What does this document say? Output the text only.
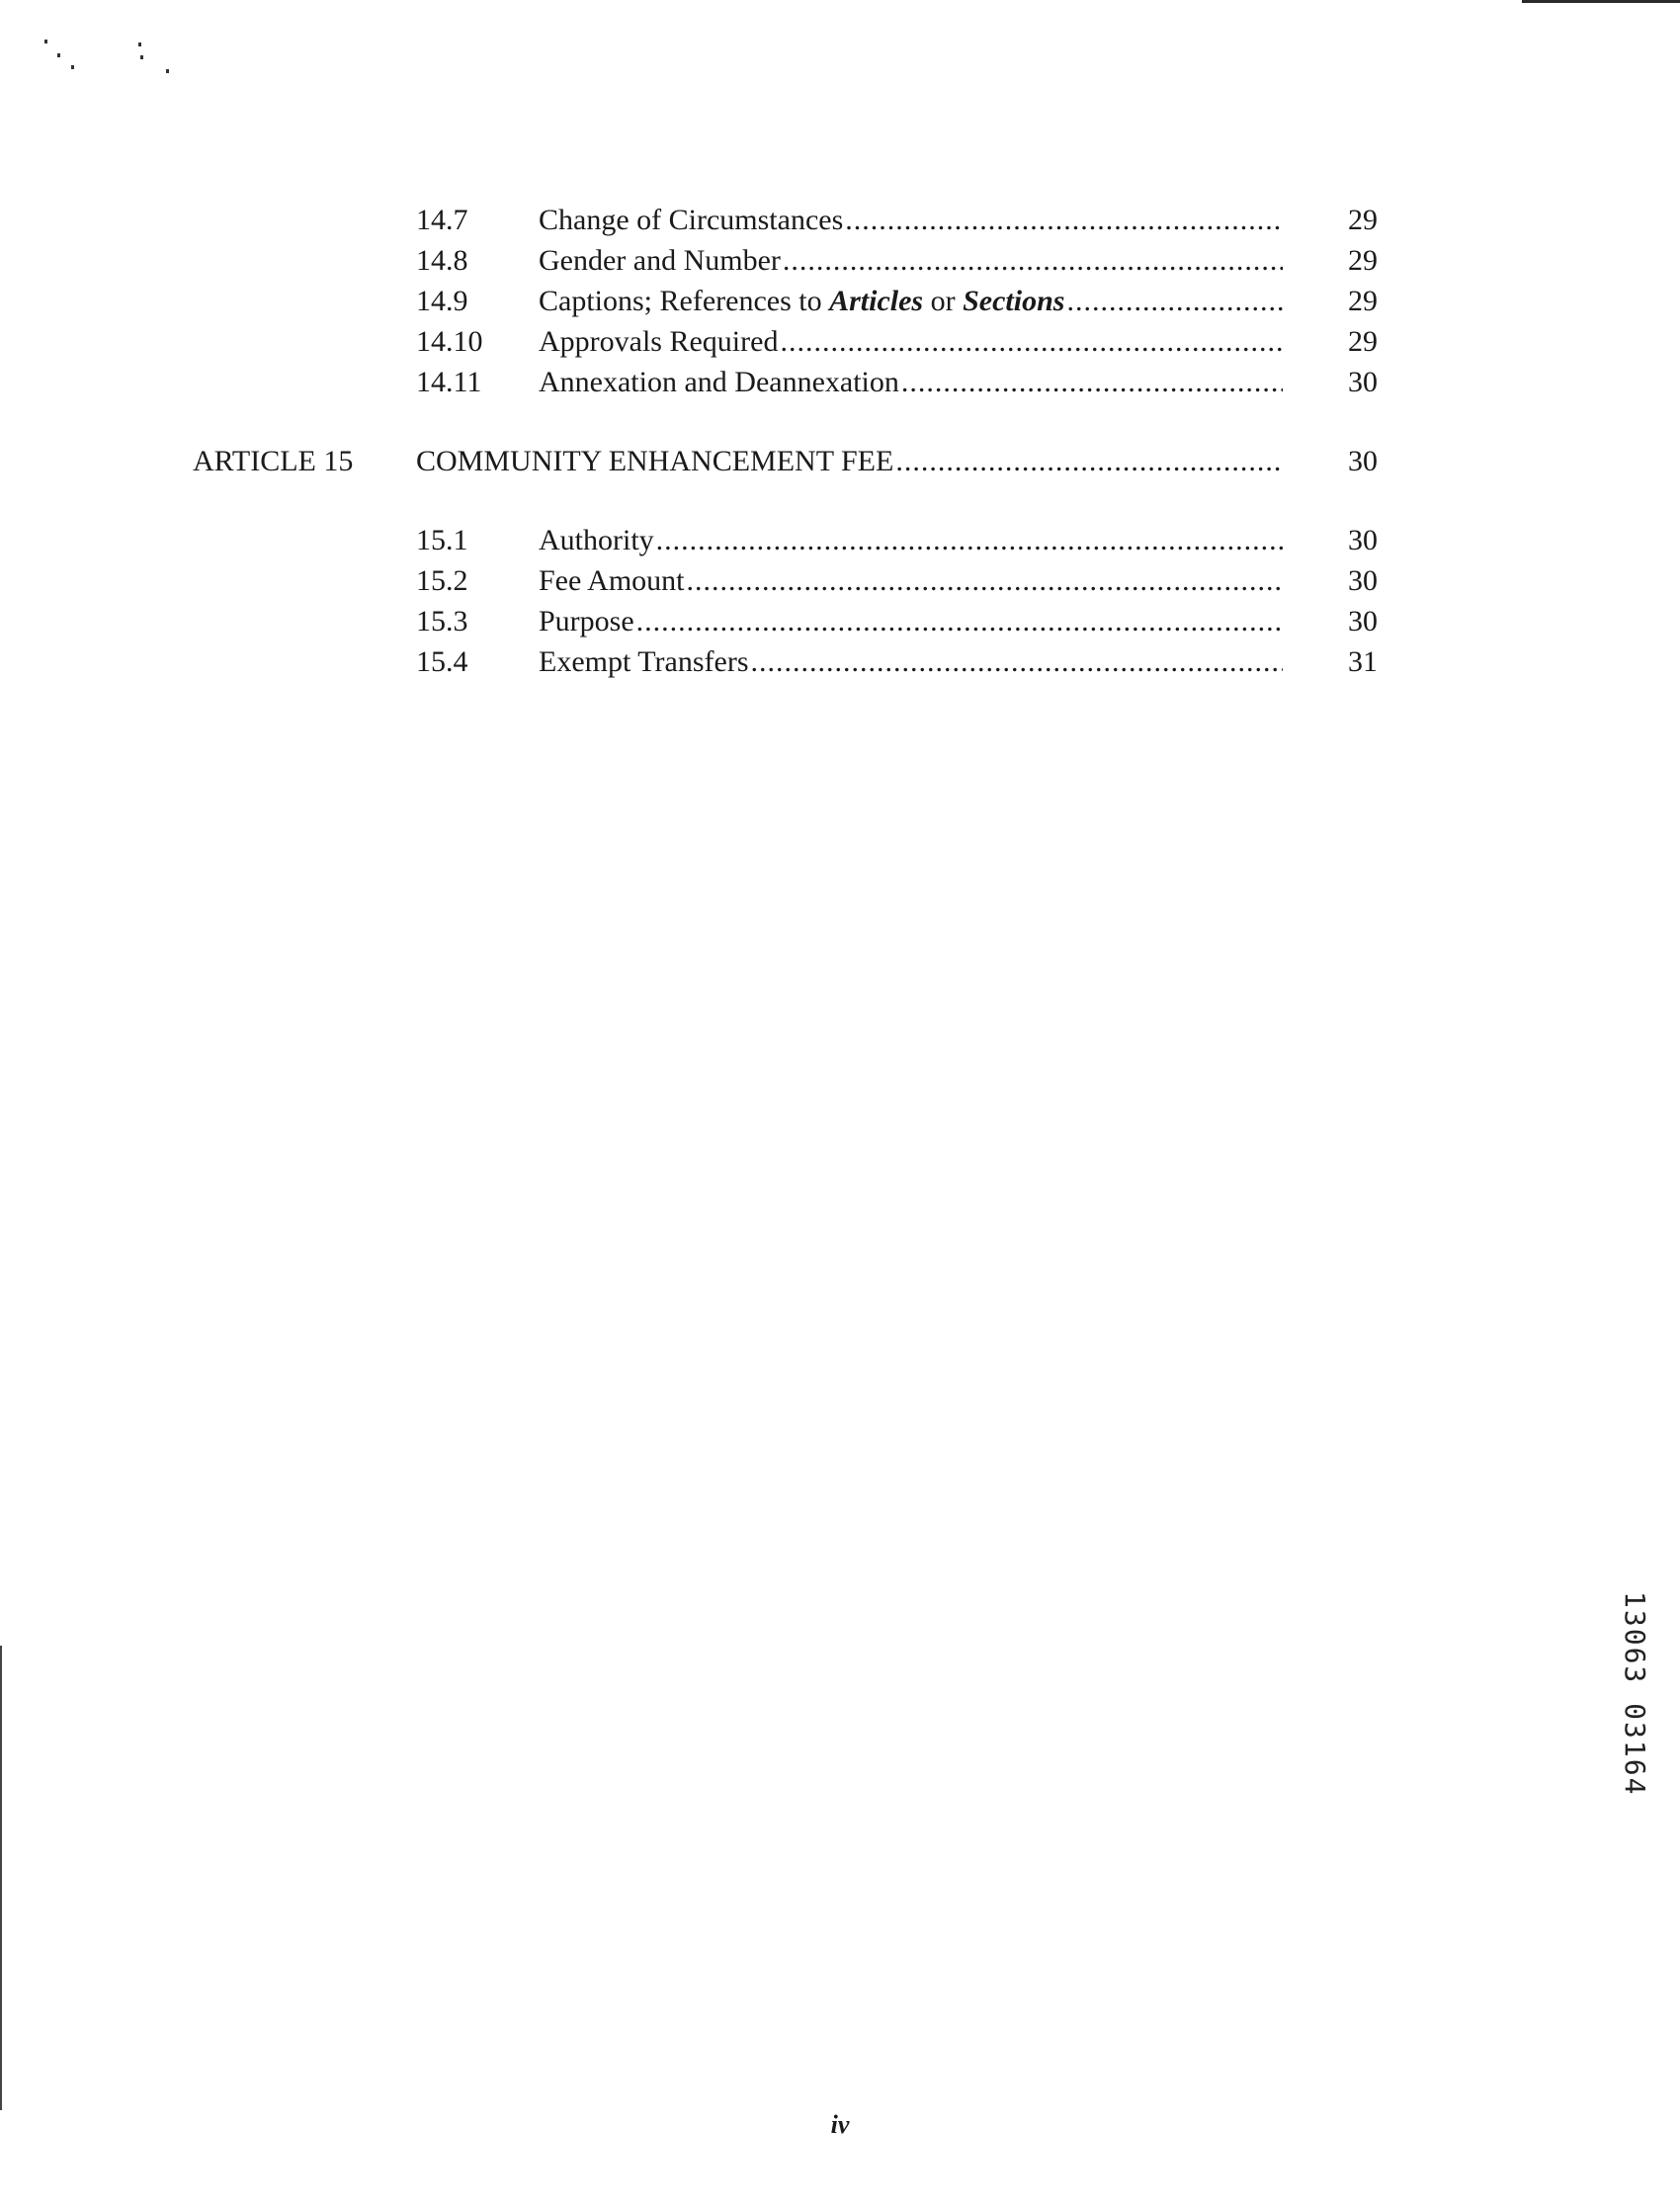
14.7 Change of Circumstances .....	29
14.8 Gender and Number .....	29
14.9 Captions; References to Articles or Sections .....	29
14.10 Approvals Required .....	29
14.11 Annexation and Deannexation .....	30
ARTICLE 15 COMMUNITY ENHANCEMENT FEE .....	30
15.1 Authority .....	30
15.2 Fee Amount .....	30
15.3 Purpose .....	30
15.4 Exempt Transfers .....	31
13063 03164
iv
